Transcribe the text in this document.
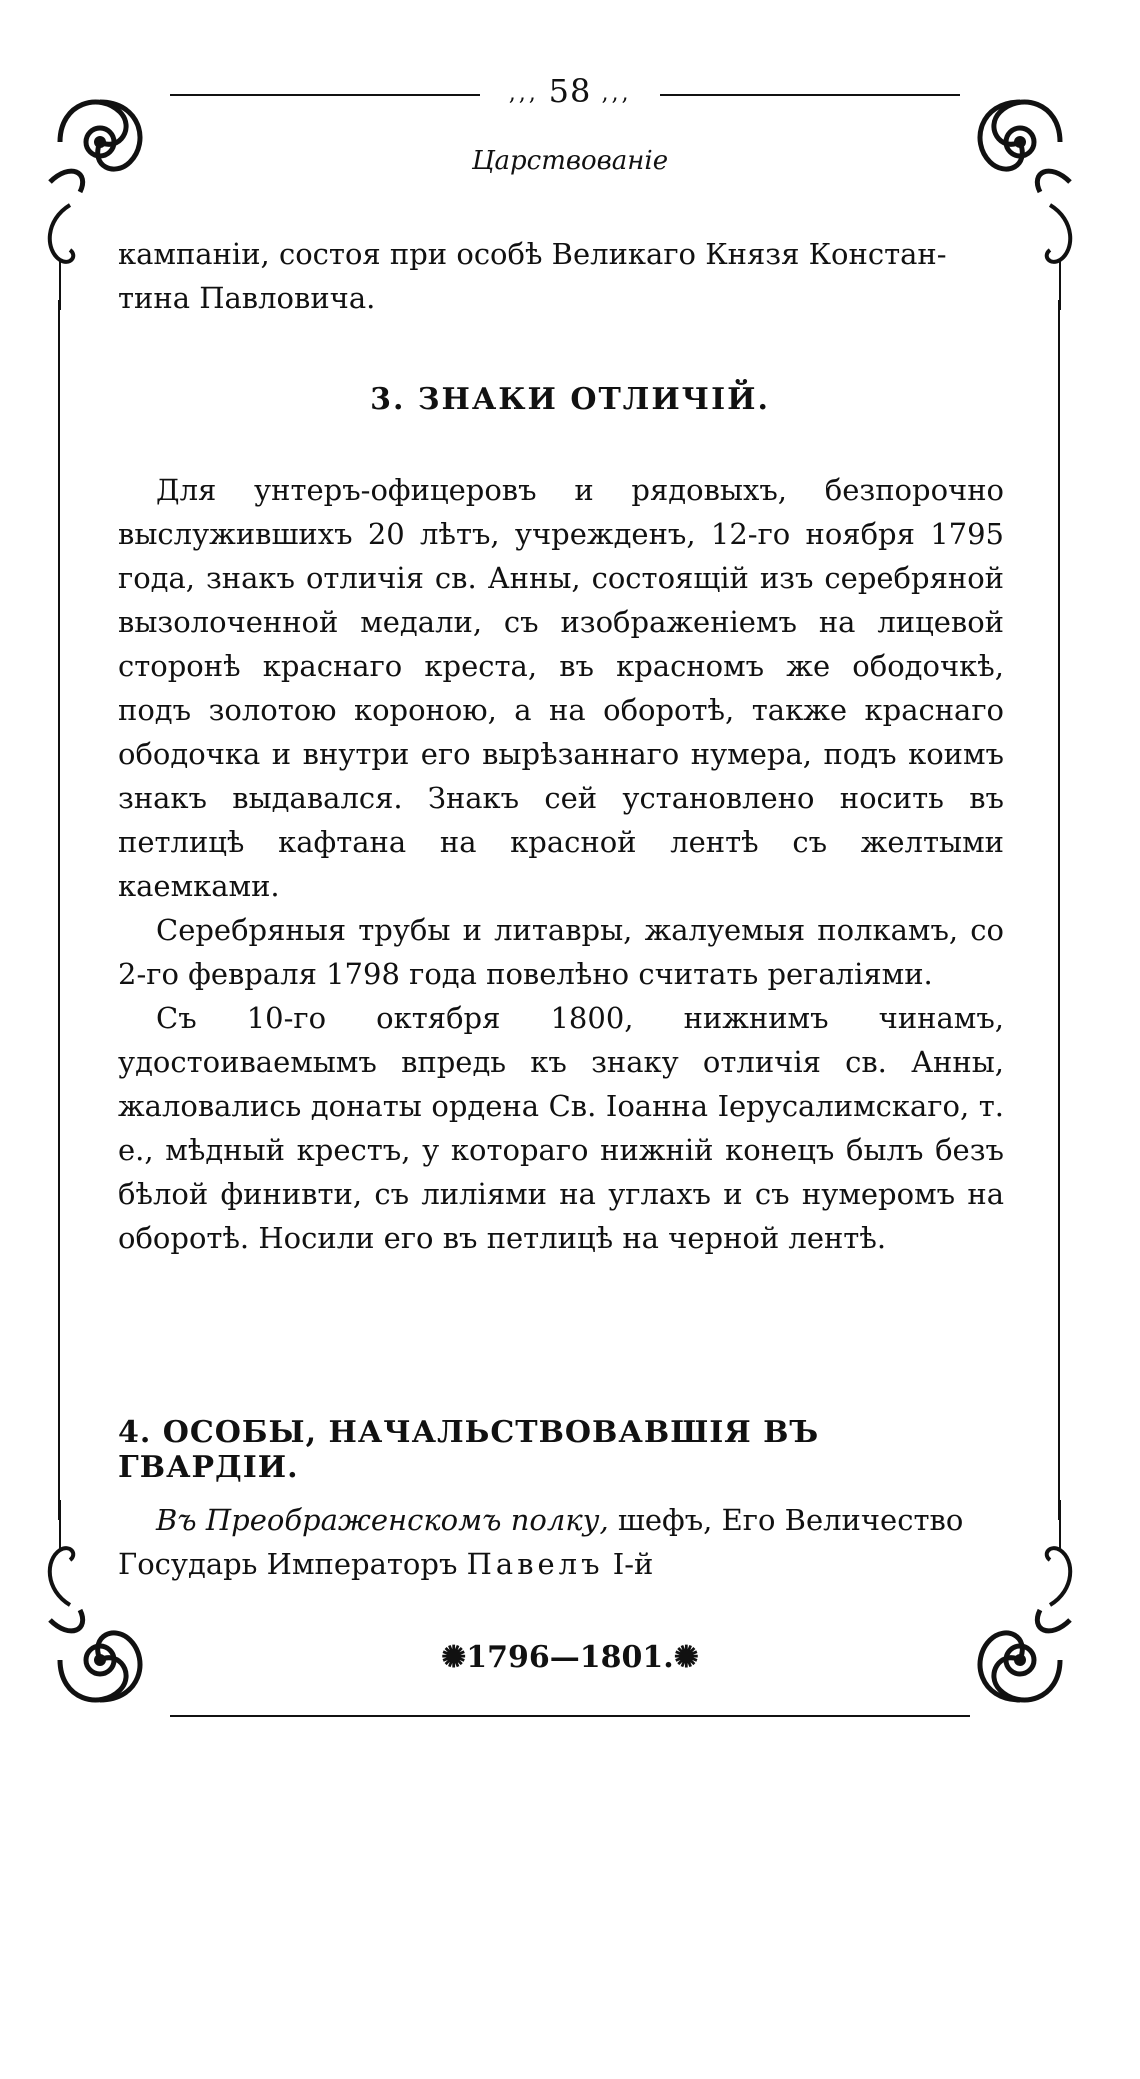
‚‚‚ 58 ‚‚‚
Царствованіе

кампаніи, состоя при особѣ Великаго Князя Констан-

тина Павловича.

3. ЗНАКИ ОТЛИЧІЙ.

Для унтеръ-офицеровъ и рядовыхъ, безпорочно выслужившихъ 20 лѣтъ, учрежденъ, 12-го ноября 1795 года, знакъ отличія св. Анны, состоящій изъ серебряной вызолоченной медали, съ изображеніемъ на лицевой сторонѣ краснаго креста, въ красномъ же ободочкѣ, подъ золотою короною, а на оборотѣ, также краснаго ободочка и внутри его вырѣзаннаго нумера, подъ коимъ знакъ выдавался. Знакъ сей установлено носить въ петлицѣ кафтана на красной лентѣ съ желтыми каемками.

Серебряныя трубы и литавры, жалуемыя полкамъ, со 2-го февраля 1798 года повелѣно считать регаліями.

Съ 10-го октября 1800, нижнимъ чинамъ, удостоиваемымъ впредь къ знаку отличія св. Анны, жаловались донаты ордена Св. Іоанна Іерусалимскаго, т. е., мѣдный крестъ, у котораго нижній конецъ былъ безъ бѣлой финивти, съ лиліями на углахъ и съ нумеромъ на оборотѣ. Носили его въ петлицѣ на черной лентѣ.

4. ОСОБЫ, НАЧАЛЬСТВОВАВШІЯ ВЪ ГВАРДІИ.

Въ Преображенскомъ полку, шефъ, Его Величество

Государь Императоръ Павелъ І-й

✺1796—1801.✺
